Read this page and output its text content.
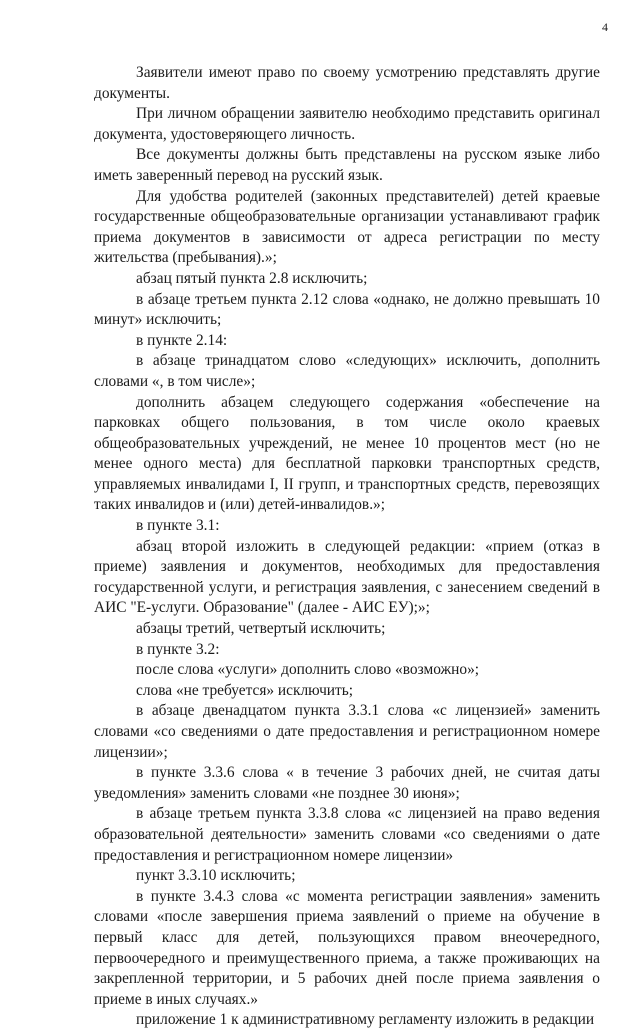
4

Заявители имеют право по своему усмотрению представлять другие документы.

При личном обращении заявителю необходимо представить оригинал документа, удостоверяющего личность.

Все документы должны быть представлены на русском языке либо иметь заверенный перевод на русский язык.

Для удобства родителей (законных представителей) детей краевые государственные общеобразовательные организации устанавливают график приема документов в зависимости от адреса регистрации по месту жительства (пребывания).»;

абзац пятый пункта 2.8 исключить;

в абзаце третьем пункта 2.12 слова «однако, не должно превышать 10 минут» исключить;

в пункте 2.14:

в абзаце тринадцатом слово «следующих» исключить, дополнить словами «, в том числе»;

дополнить абзацем следующего содержания «обеспечение на парковках общего пользования, в том числе около краевых общеобразовательных учреждений, не менее 10 процентов мест (но не менее одного места) для бесплатной парковки транспортных средств, управляемых инвалидами I, II групп, и транспортных средств, перевозящих таких инвалидов и (или) детей-инвалидов.»;

в пункте 3.1:

абзац второй изложить в следующей редакции: «прием (отказ в приеме) заявления и документов, необходимых для предоставления государственной услуги, и регистрация заявления, с занесением сведений в АИС "Е-услуги. Образование" (далее - АИС ЕУ);»;

абзацы третий, четвертый исключить;

в пункте 3.2:

после слова «услуги» дополнить слово «возможно»;

слова «не требуется» исключить;

в абзаце двенадцатом пункта 3.3.1 слова «с лицензией» заменить словами «со сведениями о дате предоставления и регистрационном номере лицензии»;

в пункте 3.3.6 слова « в течение 3 рабочих дней, не считая даты уведомления» заменить словами «не позднее 30 июня»;

в абзаце третьем пункта 3.3.8 слова «с лицензией на право ведения образовательной деятельности» заменить словами «со сведениями о дате предоставления и регистрационном номере лицензии»

пункт 3.3.10 исключить;

в пункте 3.4.3 слова «с момента регистрации заявления» заменить словами «после завершения приема заявлений о приеме на обучение в первый класс для детей, пользующихся правом внеочередного, первоочередного и преимущественного приема, а также проживающих на закрепленной территории, и 5 рабочих дней после приема заявления о приеме в иных случаях.»

приложение 1 к административному регламенту изложить в редакции
